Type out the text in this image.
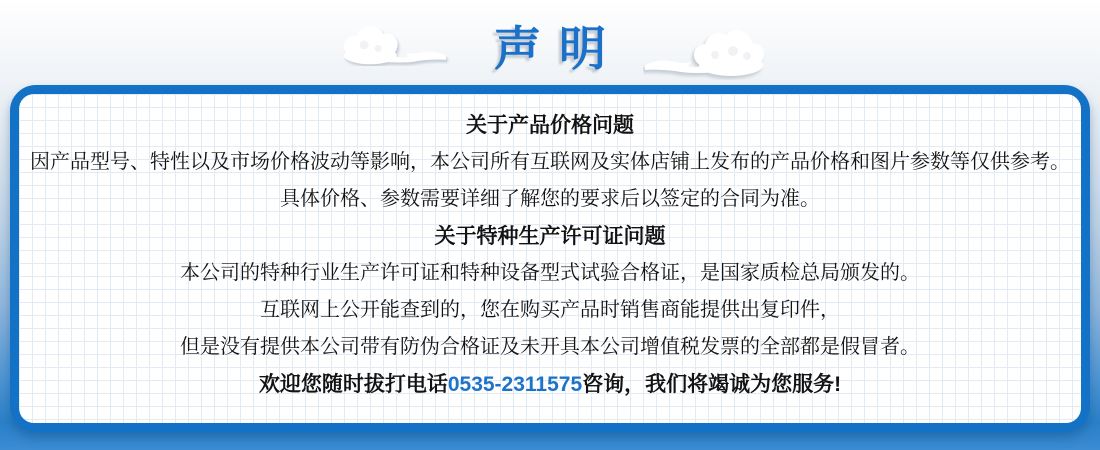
声明
关于产品价格问题
因产品型号、特性以及市场价格波动等影响，本公司所有互联网及实体店铺上发布的产品价格和图片参数等仅供参考。
具体价格、参数需要详细了解您的要求后以签定的合同为准。
关于特种生产许可证问题
本公司的特种行业生产许可证和特种设备型式试验合格证，是国家质检总局颁发的。
互联网上公开能查到的，您在购买产品时销售商能提供出复印件，
但是没有提供本公司带有防伪合格证及未开具本公司增值税发票的全部都是假冒者。
欢迎您随时拔打电话0535-2311575咨询，我们将竭诚为您服务!
